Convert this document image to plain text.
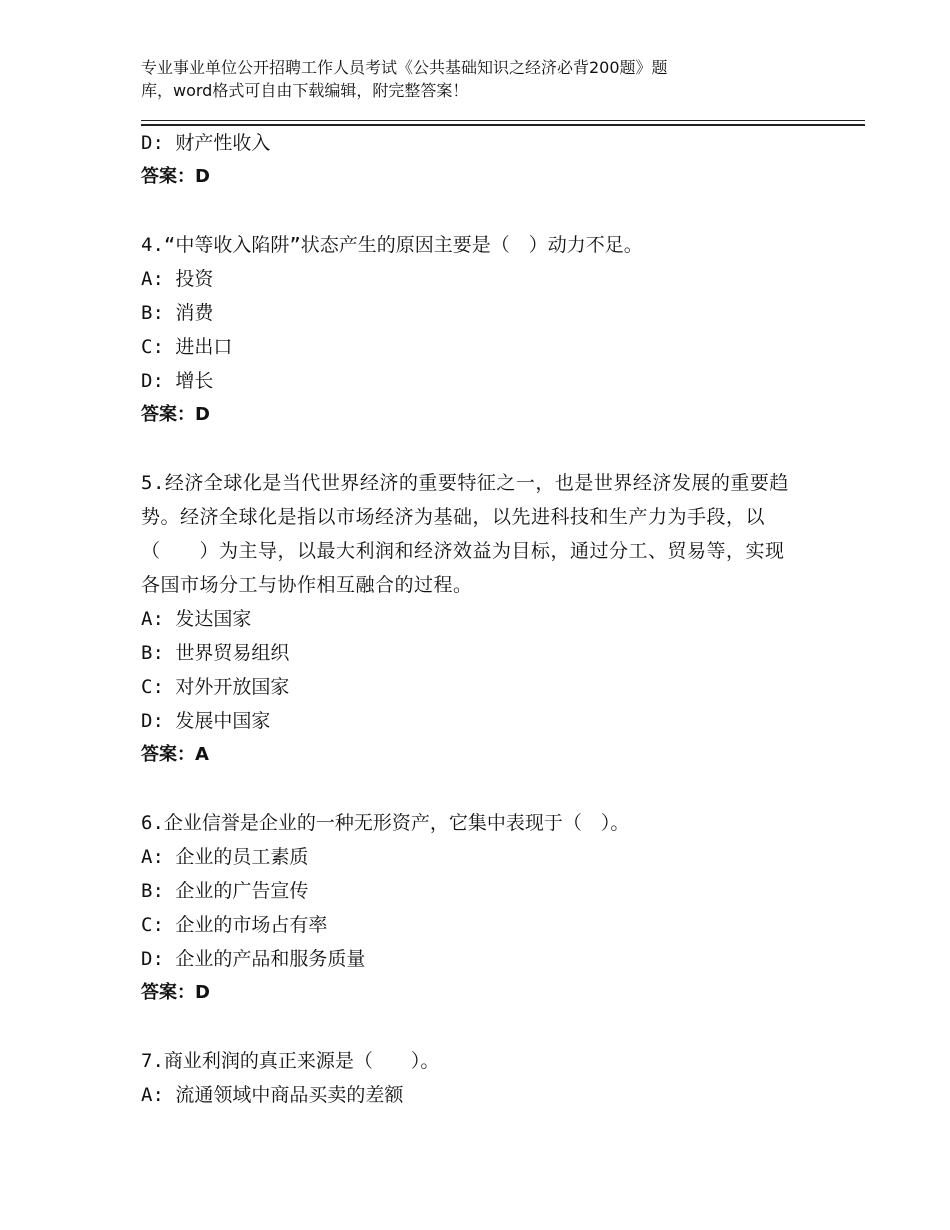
专业事业单位公开招聘工作人员考试《公共基础知识之经济必背200题》题
库，word格式可自由下载编辑，附完整答案！
D: 财产性收入
答案：D
4.“中等收入陷阱”状态产生的原因主要是（　）动力不足。
A: 投资
B: 消费
C: 进出口
D: 增长
答案：D
5.经济全球化是当代世界经济的重要特征之一，也是世界经济发展的重要趋势。经济全球化是指以市场经济为基础，以先进科技和生产力为手段，以（　　）为主导，以最大利润和经济效益为目标，通过分工、贸易等，实现各国市场分工与协作相互融合的过程。
A: 发达国家
B: 世界贸易组织
C: 对外开放国家
D: 发展中国家
答案：A
6.企业信誉是企业的一种无形资产，它集中表现于（　）。
A: 企业的员工素质
B: 企业的广告宣传
C: 企业的市场占有率
D: 企业的产品和服务质量
答案：D
7.商业利润的真正来源是（　　）。
A: 流通领域中商品买卖的差额
